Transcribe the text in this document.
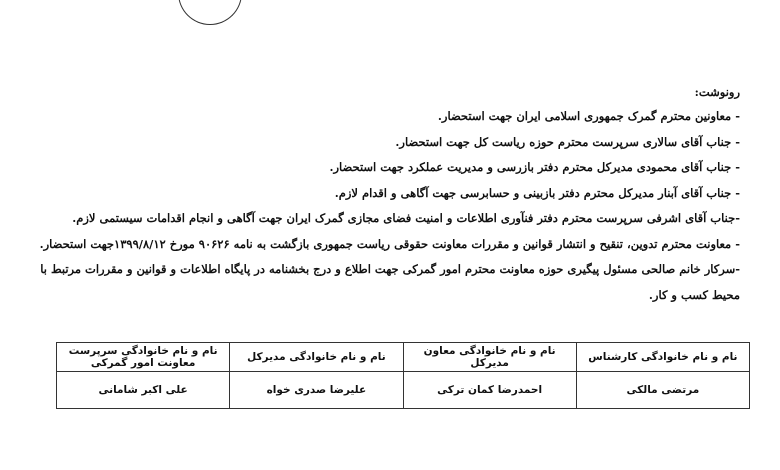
رونوشت:
- معاونین محترم گمرک جمهوری اسلامی ایران جهت استحضار.
- جناب آقای سالاری سرپرست محترم حوزه ریاست کل جهت استحضار.
- جناب آقای محمودی مدیرکل محترم دفتر بازرسی و مدیریت عملکرد جهت استحضار.
- جناب آقای آبنار مدیرکل محترم دفتر بازبینی و حسابرسی جهت آگاهی و اقدام لازم.
-جناب آقای اشرفی سرپرست محترم دفتر فنآوری اطلاعات و امنیت فضای مجازی گمرک ایران جهت آگاهی و انجام اقدامات سیستمی لازم.
- معاونت محترم تدوین، تنقیح و انتشار قوانین و مقررات معاونت حقوقی ریاست جمهوری بازگشت به نامه ۹۰۶۲۶ مورخ ۱۳۹۹/۸/۱۲جهت استحضار.
-سرکار خانم صالحی مسئول پیگیری حوزه معاونت محترم امور گمرکی جهت اطلاع و درج بخشنامه در پایگاه اطلاعات و قوانین و مقررات مرتبط با محیط کسب و کار.
نام و نام خانوادگی کارشناس	نام و نام خانوادگی معاون مدیرکل	نام و نام خانوادگی مدیرکل	نام و نام خانوادگی سرپرست معاونت امور گمرکی
مرتضی مالکی	احمدرضا کمان ترکی	علیرضا صدری خواه	علی اکبر شامانی
